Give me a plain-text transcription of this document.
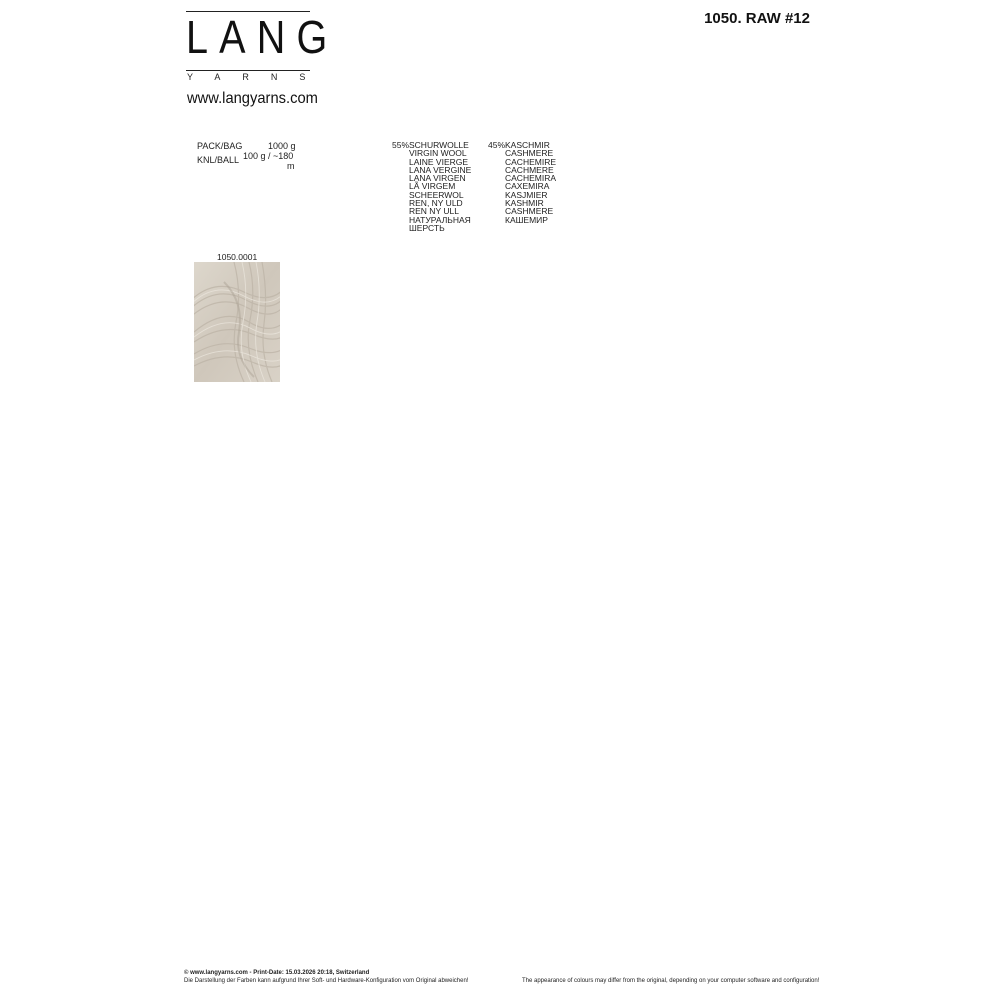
LANG
YARNS
www.langyarns.com
1050. RAW #12
PACK/BAG	1000 g
KNL/BALL 100 g / ~180
m
55% SCHURWOLLE
VIRGIN WOOL
LAINE VIERGE
LANA VERGINE
LANA VIRGEN
LÃ VIRGEM
SCHEERWOL
REN, NY ULD
REN NY ULL
НАТУРАЛЬНАЯ
ШЕРСТЬ
45% KASCHMIR
CASHMERE
CACHEMIRE
CACHMERE
CACHEMIRA
CAXEMIRA
KASJMIER
KASHMIR
CASHMERE
КАШЕМИР
1050.0001
© www.langyarns.com - Print-Date: 15.03.2026 20:18, Switzerland
Die Darstellung der Farben kann aufgrund Ihrer Soft- und Hardware-Konfiguration vom Original abweichen!	The appearance of colours may differ from the original, depending on your computer software and configuration!
